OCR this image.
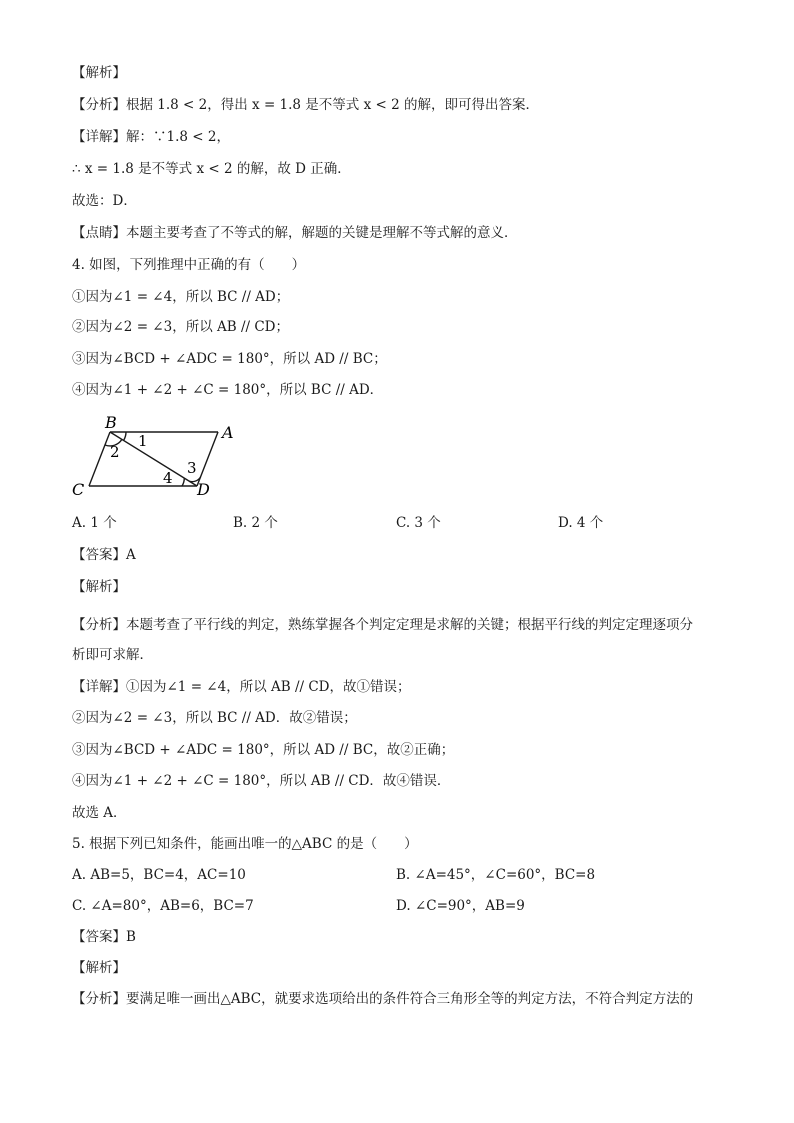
【解析】
【分析】根据 1.8 < 2，得出 x = 1.8 是不等式 x < 2 的解，即可得出答案．
【详解】解：∵1.8 < 2，
∴ x = 1.8 是不等式 x < 2 的解，故 D 正确．
故选：D．
【点睛】本题主要考查了不等式的解，解题的关键是理解不等式解的意义．
4. 如图，下列推理中正确的有（　　）
①因为∠1 = ∠4，所以 BC // AD；
②因为∠2 = ∠3，所以 AB // CD；
③因为∠BCD + ∠ADC = 180°，所以 AD // BC；
④因为∠1 + ∠2 + ∠C = 180°，所以 BC // AD．
B
A
C	D
1
2
3
4
A. 1 个	B. 2 个	C. 3 个	D. 4 个
【答案】A
【解析】
【分析】本题考查了平行线的判定，熟练掌握各个判定定理是求解的关键；根据平行线的判定定理逐项分
析即可求解．
【详解】①因为∠1 = ∠4，所以 AB // CD，故①错误；
②因为∠2 = ∠3，所以 BC // AD．故②错误；
③因为∠BCD + ∠ADC = 180°，所以 AD // BC，故②正确；
④因为∠1 + ∠2 + ∠C = 180°，所以 AB // CD．故④错误．
故选 A．
5. 根据下列已知条件，能画出唯一的△ABC 的是（　　）
A. AB=5，BC=4，AC=10	B. ∠A=45°，∠C=60°，BC=8
C. ∠A=80°，AB=6，BC=7	D. ∠C=90°，AB=9
【答案】B
【解析】
【分析】要满足唯一画出△ABC，就要求选项给出的条件符合三角形全等的判定方法，不符合判定方法的
